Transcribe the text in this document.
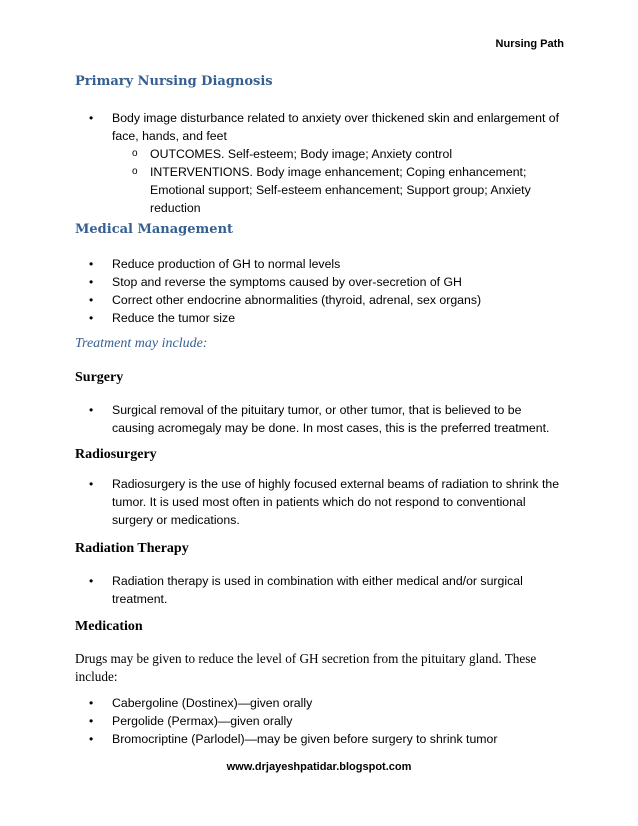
Nursing Path
Primary Nursing Diagnosis
• Body image disturbance related to anxiety over thickened skin and enlargement of face, hands, and feet
o OUTCOMES. Self-esteem; Body image; Anxiety control
o INTERVENTIONS. Body image enhancement; Coping enhancement; Emotional support; Self-esteem enhancement; Support group; Anxiety reduction
Medical Management
• Reduce production of GH to normal levels
• Stop and reverse the symptoms caused by over-secretion of GH
• Correct other endocrine abnormalities (thyroid, adrenal, sex organs)
• Reduce the tumor size
Treatment may include:
Surgery
• Surgical removal of the pituitary tumor, or other tumor, that is believed to be causing acromegaly may be done. In most cases, this is the preferred treatment.
Radiosurgery
• Radiosurgery is the use of highly focused external beams of radiation to shrink the tumor. It is used most often in patients which do not respond to conventional surgery or medications.
Radiation Therapy
• Radiation therapy is used in combination with either medical and/or surgical treatment.
Medication
Drugs may be given to reduce the level of GH secretion from the pituitary gland. These include:
• Cabergoline (Dostinex)—given orally
• Pergolide (Permax)—given orally
• Bromocriptine (Parlodel)—may be given before surgery to shrink tumor
www.drjayeshpatidar.blogspot.com
